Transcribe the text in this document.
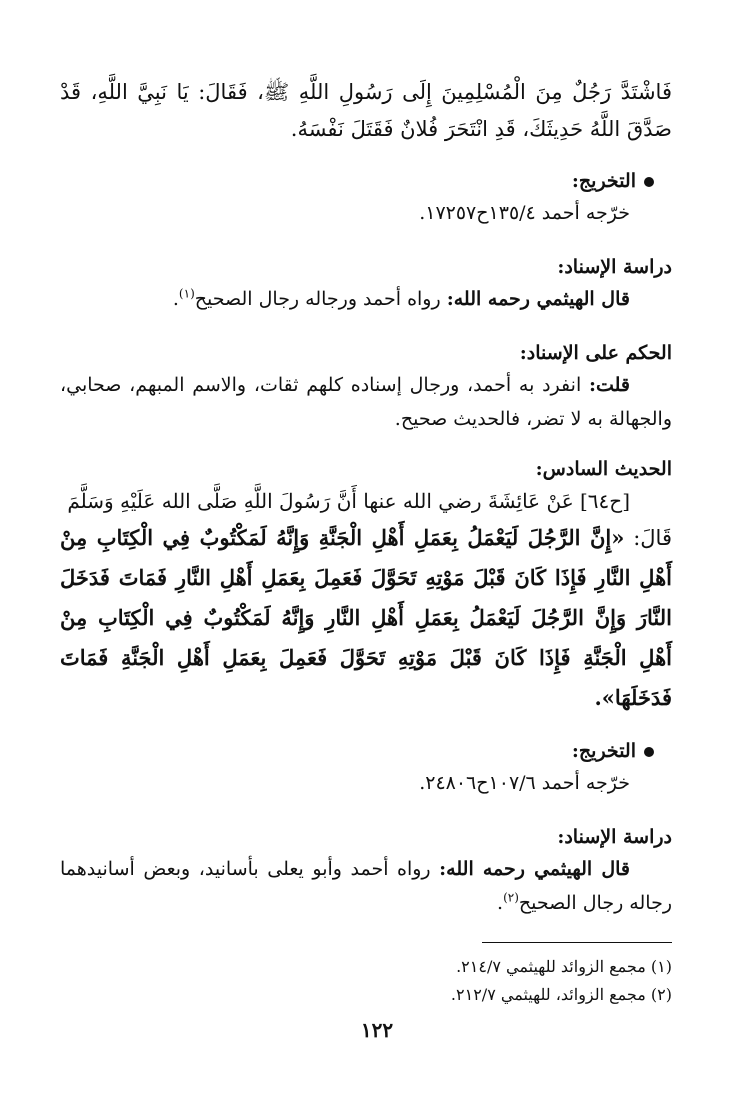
فَاشْتَدَّ رَجُلٌ مِنَ الْمُسْلِمِينَ إِلَى رَسُولِ اللَّهِ ﷺ، فَقَالَ: يَا نَبِيَّ اللَّهِ، قَدْ صَدَّقَ اللَّهُ حَدِيثَكَ، قَدِ انْتَحَرَ فُلانٌ فَقَتَلَ نَفْسَهُ.

التخريج:

خرّجه أحمد ١٣٥/٤ح١٧٢٥٧.

دراسة الإسناد:

قال الهيثمي رحمه الله: رواه أحمد ورجاله رجال الصحيح$^{(١)}$.

الحكم على الإسناد:

قلت: انفرد به أحمد، ورجال إسناده كلهم ثقات، والاسم المبهم، صحابي، والجهالة به لا تضر، فالحديث صحيح.

الحديث السادس:

[ح٦٤] عَنْ عَائِشَةَ رضي الله عنها أَنَّ رَسُولَ اللَّهِ صَلَّى الله عَلَيْهِ وَسَلَّمَ

قَالَ: «إِنَّ الرَّجُلَ لَيَعْمَلُ بِعَمَلِ أَهْلِ الْجَنَّةِ وَإِنَّهُ لَمَكْتُوبٌ فِي الْكِتَابِ مِنْ أَهْلِ النَّارِ فَإِذَا كَانَ قَبْلَ مَوْتِهِ تَحَوَّلَ فَعَمِلَ بِعَمَلِ أَهْلِ النَّارِ فَمَاتَ فَدَخَلَ النَّارَ وَإِنَّ الرَّجُلَ لَيَعْمَلُ بِعَمَلِ أَهْلِ النَّارِ وَإِنَّهُ لَمَكْتُوبٌ فِي الْكِتَابِ مِنْ أَهْلِ الْجَنَّةِ فَإِذَا كَانَ قَبْلَ مَوْتِهِ تَحَوَّلَ فَعَمِلَ بِعَمَلِ أَهْلِ الْجَنَّةِ فَمَاتَ فَدَخَلَهَا».

التخريج:

خرّجه أحمد ١٠٧/٦ح٢٤٨٠٦.

دراسة الإسناد:

قال الهيثمي رحمه الله: رواه أحمد وأبو يعلى بأسانيد، وبعض أسانيدهما رجاله رجال الصحيح$^{(٢)}$.

(١) مجمع الزوائد للهيثمي ٢١٤/٧.

(٢) مجمع الزوائد، للهيثمي ٢١٢/٧.

١٢٢
